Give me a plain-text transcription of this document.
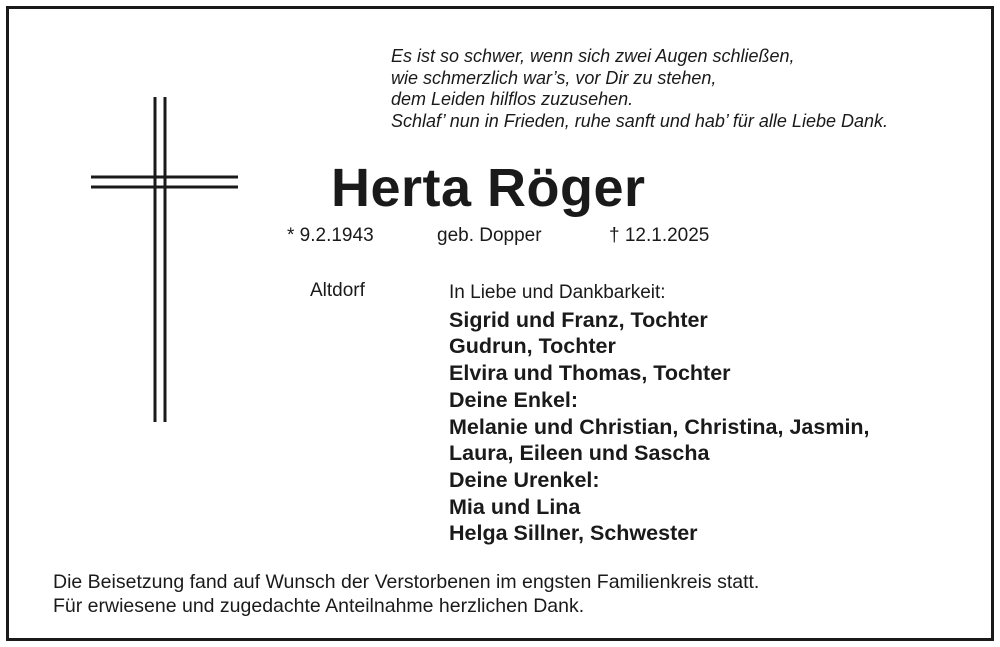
Es ist so schwer, wenn sich zwei Augen schließen,
wie schmerzlich war’s, vor Dir zu stehen,
dem Leiden hilflos zuzusehen.
Schlaf’ nun in Frieden, ruhe sanft und hab’ für alle Liebe Dank.
Herta Röger
* 9.2.1943	geb. Dopper	† 12.1.2025
Altdorf	In Liebe und Dankbarkeit:
Sigrid und Franz, Tochter
Gudrun, Tochter
Elvira und Thomas, Tochter
Deine Enkel:
Melanie und Christian, Christina, Jasmin,
Laura, Eileen und Sascha
Deine Urenkel:
Mia und Lina
Helga Sillner, Schwester
Die Beisetzung fand auf Wunsch der Verstorbenen im engsten Familienkreis statt.
Für erwiesene und zugedachte Anteilnahme herzlichen Dank.
